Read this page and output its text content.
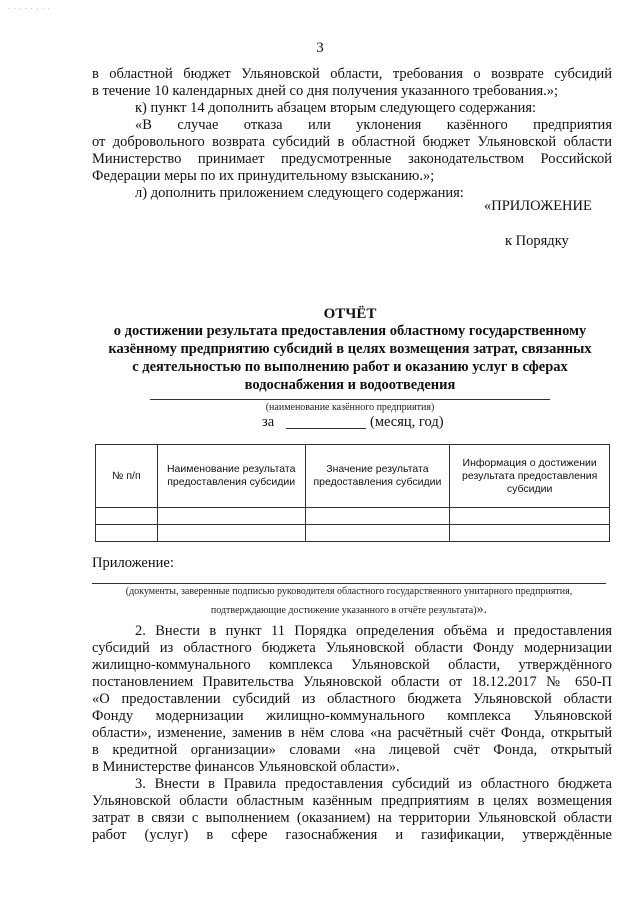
· · · · · · · ·
3
в областной бюджет Ульяновской области, требования о возврате субсидий
в течение 10 календарных дней со дня получения указанного требования.»;
к) пункт 14 дополнить абзацем вторым следующего содержания:
«В случае отказа или уклонения казённого предприятия
от добровольного возврата субсидий в областной бюджет Ульяновской области
Министерство принимает предусмотренные законодательством Российской
Федерации меры по их принудительному взысканию.»;
л) дополнить приложением следующего содержания:
«ПРИЛОЖЕНИЕ
к Порядку
ОТЧЁТ
о достижении результата предоставления областному государственному
казённому предприятию субсидий в целях возмещения затрат, связанных
с деятельностью по выполнению работ и оказанию услуг в сферах
водоснабжения и водоотведения
(наименование казённого предприятия)
за	(месяц, год)
№ п/п	Наименование результата предоставления субсидии	Значение результата предоставления субсидии	Информация о достижении результата предоставления субсидии

Приложение:
(документы, заверенные подписью руководителя областного государственного унитарного предприятия,
подтверждающие достижение указанного в отчёте результата)».
2. Внести в пункт 11 Порядка определения объёма и предоставления
субсидий из областного бюджета Ульяновской области Фонду модернизации
жилищно-коммунального комплекса Ульяновской области, утверждённого
постановлением Правительства Ульяновской области от 18.12.2017 № 650-П
«О предоставлении субсидий из областного бюджета Ульяновской области
Фонду модернизации жилищно-коммунального комплекса Ульяновской
области», изменение, заменив в нём слова «на расчётный счёт Фонда, открытый
в кредитной организации» словами «на лицевой счёт Фонда, открытый
в Министерстве финансов Ульяновской области».
3. Внести в Правила предоставления субсидий из областного бюджета
Ульяновской области областным казённым предприятиям в целях возмещения
затрат в связи с выполнением (оказанием) на территории Ульяновской области
работ (услуг) в сфере газоснабжения и газификации, утверждённые
